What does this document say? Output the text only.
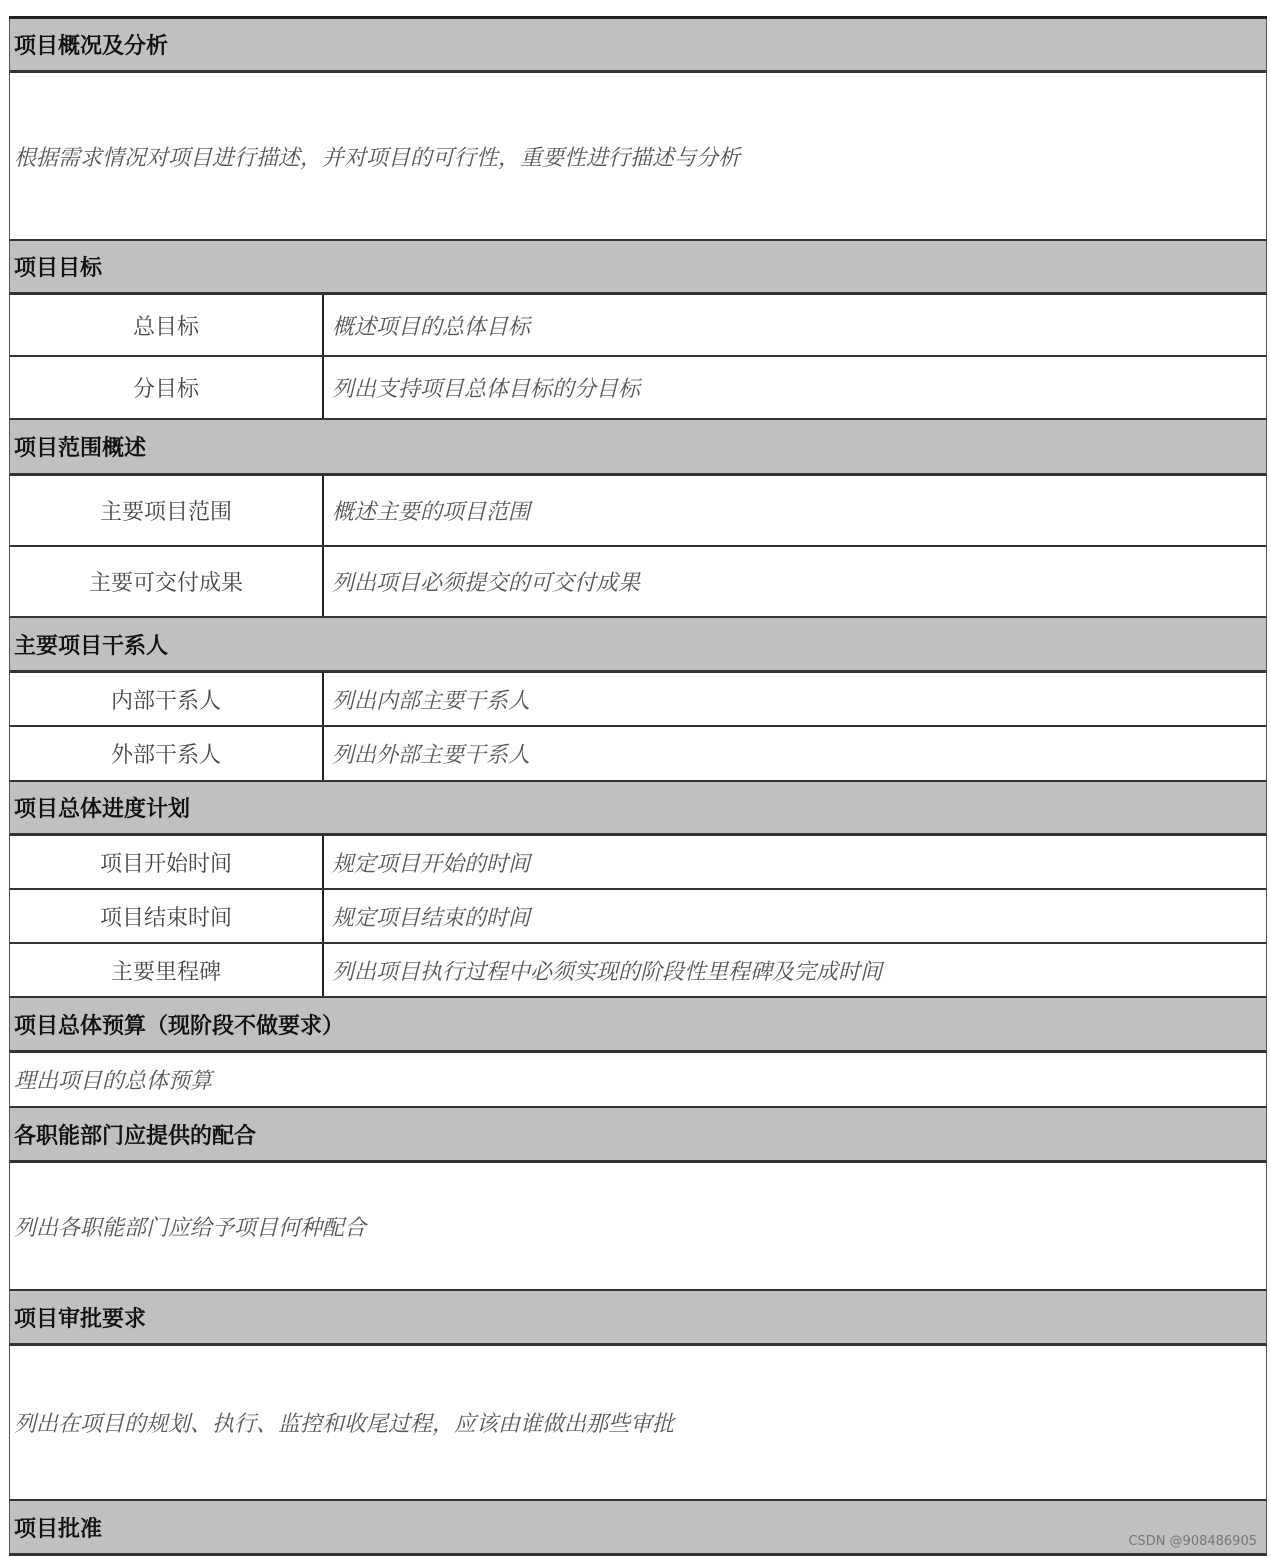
项目概况及分析
根据需求情况对项目进行描述，并对项目的可行性，重要性进行描述与分析
项目目标
总目标	概述项目的总体目标
分目标	列出支持项目总体目标的分目标
项目范围概述
主要项目范围	概述主要的项目范围
主要可交付成果	列出项目必须提交的可交付成果
主要项目干系人
内部干系人	列出内部主要干系人
外部干系人	列出外部主要干系人
项目总体进度计划
项目开始时间	规定项目开始的时间
项目结束时间	规定项目结束的时间
主要里程碑	列出项目执行过程中必须实现的阶段性里程碑及完成时间
项目总体预算（现阶段不做要求）
理出项目的总体预算
各职能部门应提供的配合
列出各职能部门应给予项目何种配合
项目审批要求
列出在项目的规划、执行、监控和收尾过程，应该由谁做出那些审批
项目批准	CSDN @908486905
